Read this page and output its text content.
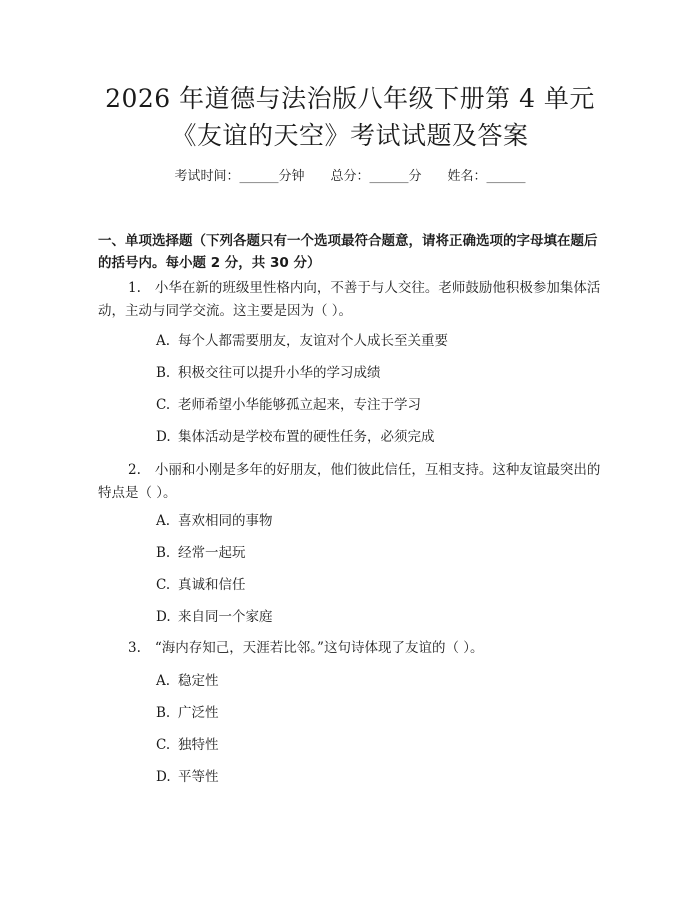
2026 年道德与法治版八年级下册第 4 单元
《友谊的天空》考试试题及答案
考试时间：______分钟 总分：______分 姓名：______
一、单项选择题（下列各题只有一个选项最符合题意，请将正确选项的字母填在题后的括号内。每小题 2 分，共 30 分）
1. 小华在新的班级里性格内向，不善于与人交往。老师鼓励他积极参加集体活动，主动与同学交流。这主要是因为（ ）。
A. 每个人都需要朋友，友谊对个人成长至关重要
B. 积极交往可以提升小华的学习成绩
C. 老师希望小华能够孤立起来，专注于学习
D. 集体活动是学校布置的硬性任务，必须完成
2. 小丽和小刚是多年的好朋友，他们彼此信任，互相支持。这种友谊最突出的特点是（ ）。
A. 喜欢相同的事物
B. 经常一起玩
C. 真诚和信任
D. 来自同一个家庭
3. “海内存知己，天涯若比邻。”这句诗体现了友谊的（ ）。
A. 稳定性
B. 广泛性
C. 独特性
D. 平等性
